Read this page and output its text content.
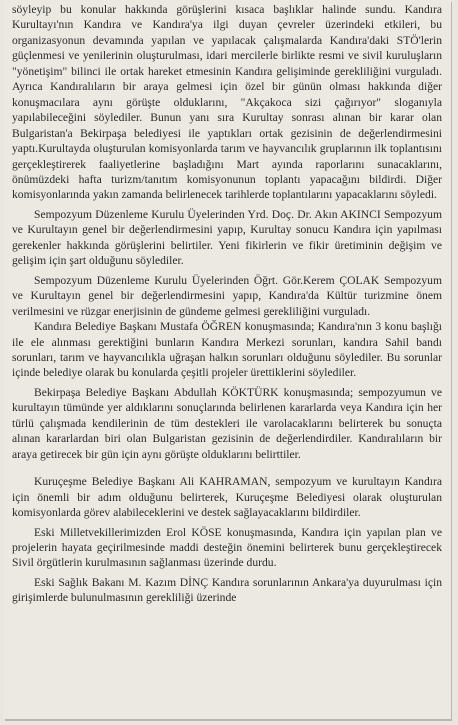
söyleyip bu konular hakkında görüşlerini kısaca başlıklar halinde sundu. Kandıra Kurultayı'nın Kandıra ve Kandıra'ya ilgi duyan çevreler üzerindeki etkileri, bu organizasyonun devamında yapılan ve yapılacak çalışmalarda Kandıra'daki STÖ'lerin güçlenmesi ve yenilerinin oluşturulması, idari mercilerle birlikte resmi ve sivil kuruluşların "yönetişim" bilinci ile ortak hareket etmesinin Kandıra gelişiminde gerekliliğini vurguladı. Ayrıca Kandıralıların bir araya gelmesi için özel bir günün olması hakkında diğer konuşmacılara aynı görüşte olduklarını, "Akçakoca sizi çağırıyor" sloganıyla yapılabileceğini söylediler. Bunun yanı sıra Kurultay sonrası alınan bir karar olan Bulgaristan'a Bekirpaşa belediyesi ile yaptıkları ortak gezisinin de değerlendirmesini yaptı.Kurultayda oluşturulan komisyonlarda tarım ve hayvancılık gruplarının ilk toplantısını gerçekleştirerek faaliyetlerine başladığını Mart ayında raporlarını sunacaklarını, önümüzdeki hafta turizm/tanıtım komisyonunun toplantı yapacağını bildirdi. Diğer komisyonlarında yakın zamanda belirlenecek tarihlerde toplantılarını yapacaklarını söyledi.

Sempozyum Düzenleme Kurulu Üyelerinden Yrd. Doç. Dr. Akın AKINCI Sempozyum ve Kurultayın genel bir değerlendirmesini yapıp, Kurultay sonucu Kandıra için yapılması gerekenler hakkında görüşlerini belirtiler. Yeni fikirlerin ve fikir üretiminin değişim ve gelişim için şart olduğunu söylediler.

Sempozyum Düzenleme Kurulu Üyelerinden Öğrt. Gör.Kerem ÇOLAK Sempozyum ve Kurultayın genel bir değerlendirmesini yapıp, Kandıra'da Kültür turizmine önem verilmesini ve rüzgar enerjisinin de gündeme gelmesi gerekliliğini vurguladı.

Kandıra Belediye Başkanı Mustafa ÖĞREN konuşmasında; Kandıra'nın 3 konu başlığı ile ele alınması gerektiğini bunların Kandıra Merkezi sorunları, kandıra Sahil bandı sorunları, tarım ve hayvancılıkla uğraşan halkın sorunları olduğunu söylediler. Bu sorunlar içinde belediye olarak bu konularda çeşitli projeler ürettiklerini söylediler.

Bekirpaşa Belediye Başkanı Abdullah KÖKTÜRK konuşmasında; sempozyumun ve kurultayın tümünde yer aldıklarını sonuçlarında belirlenen kararlarda veya Kandıra için her türlü çalışmada kendilerinin de tüm destekleri ile varolacaklarını belirterek bu sonuçta alınan kararlardan biri olan Bulgaristan gezisinin de değerlendirdiler. Kandıralıların bir araya getirecek bir gün için aynı görüşte olduklarını belirttiler.

Kuruçeşme Belediye Başkanı Ali KAHRAMAN, sempozyum ve kurultayın Kandıra için önemli bir adım olduğunu belirterek, Kuruçeşme Belediyesi olarak oluşturulan komisyonlarda görev alabileceklerini ve destek sağlayacaklarını bildirdiler.

Eski Milletvekillerimizden Erol KÖSE konuşmasında, Kandıra için yapılan plan ve projelerin hayata geçirilmesinde maddi desteğin önemini belirterek bunu gerçekleştirecek Sivil örgütlerin kurulmasının sağlanması üzerinde durdu.

Eski Sağlık Bakanı M. Kazım DİNÇ Kandıra sorunlarının Ankara'ya duyurulması için girişimlerde bulunulmasının gerekliliği üzerinde
